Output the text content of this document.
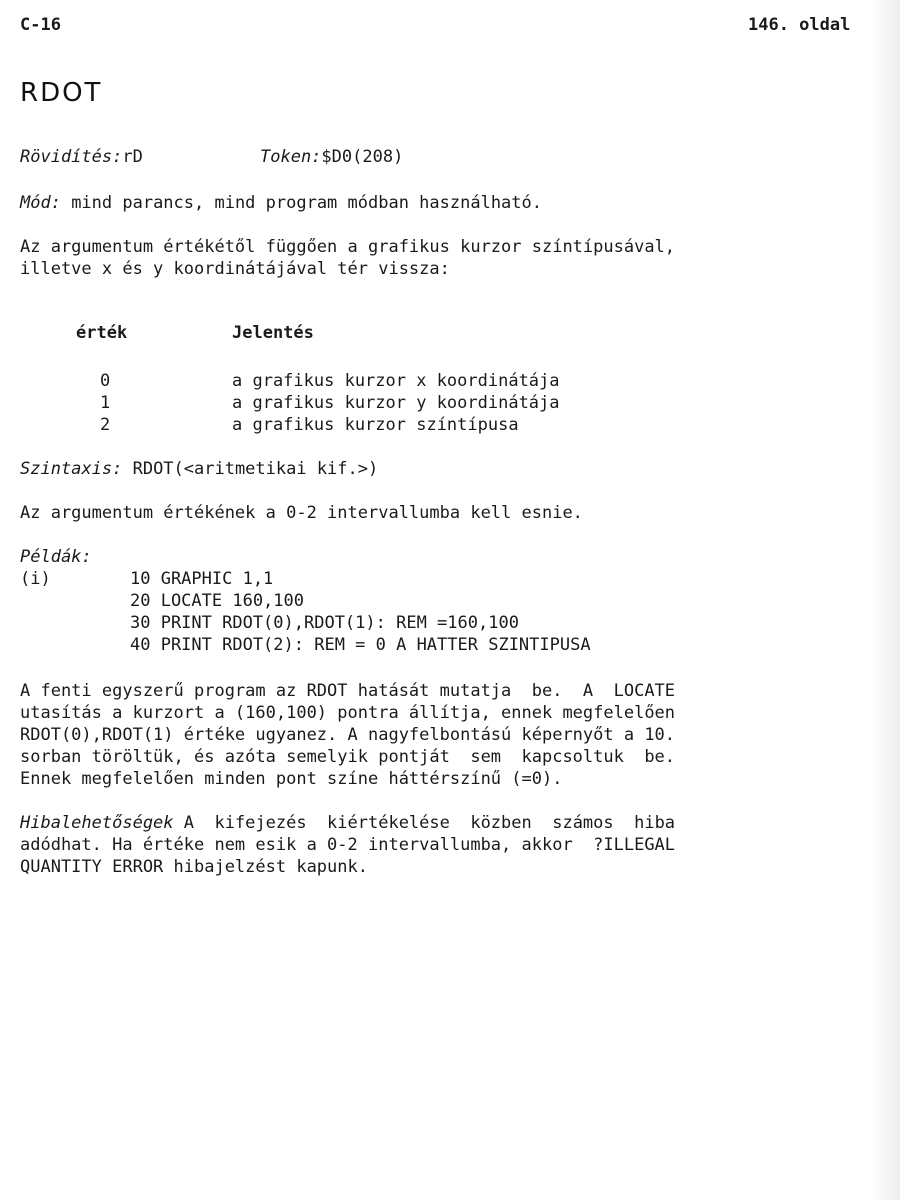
C-16	146. oldal
RDOT
Rövidítés:rD	Token:$D0(208)
Mód: mind parancs, mind program módban használható.
Az argumentum értékétől függően a grafikus kurzor színtípusával,
illetve x és y koordinátájával tér vissza:
érték	Jelentés
0	a grafikus kurzor x koordinátája
1	a grafikus kurzor y koordinátája
2	a grafikus kurzor színtípusa
Szintaxis: RDOT(<aritmetikai kif.>)
Az argumentum értékének a 0-2 intervallumba kell esnie.
Példák:
(i)	10 GRAPHIC 1,1
20 LOCATE 160,100
30 PRINT RDOT(0),RDOT(1): REM =160,100
40 PRINT RDOT(2): REM = 0 A HATTER SZINTIPUSA
A fenti egyszerű program az RDOT hatását mutatja  be.  A  LOCATE
utasítás a kurzort a (160,100) pontra állítja, ennek megfelelően
RDOT(0),RDOT(1) értéke ugyanez. A nagyfelbontású képernyőt a 10.
sorban töröltük, és azóta semelyik pontját  sem  kapcsoltuk  be.
Ennek megfelelően minden pont színe háttérszínű (=0).
Hibalehetőségek A  kifejezés  kiértékelése  közben  számos  hiba
adódhat. Ha értéke nem esik a 0-2 intervallumba, akkor  ?ILLEGAL
QUANTITY ERROR hibajelzést kapunk.
